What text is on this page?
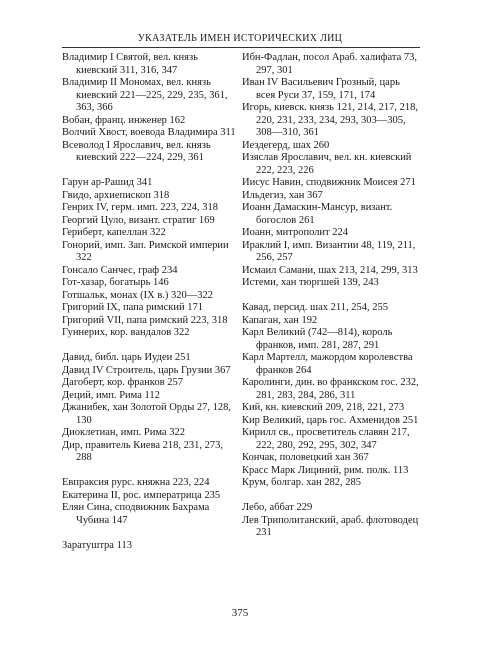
УКАЗАТЕЛЬ ИМЕН ИСТОРИЧЕСКИХ ЛИЦ
Владимир I Святой, вел. князь киевский 311, 316, 347
Владимир II Мономах, вел. князь киевский 221—225, 229, 235, 361, 363, 366
Вобан, франц. инженер 162
Волчий Хвост, воевода Владимира 311
Всеволод I Ярославич, вел. князь киевский 222—224, 229, 361
Гарун ар-Рашид 341
Гвидо, архиепископ 318
Генрих IV, герм. имп. 223, 224, 318
Георгий Цуло, визант. стратиг 169
Гериберт, капеллан 322
Гонорий, имп. Зап. Римской империи 322
Гонсало Санчес, граф 234
Гот-хазар, богатырь 146
Готшальк, монах (IX в.) 320—322
Григорий IX, папа римский 171
Григорий VII, папа римский 223, 318
Гуннерих, кор. вандалов 322
Давид, библ. царь Иудеи 251
Давид IV Строитель, царь Грузии 367
Дагоберт, кор. франков 257
Деций, имп. Рима 112
Джанибек, хан Золотой Орды 27, 128, 130
Диоклетиан, имп. Рима 322
Дир, правитель Киева 218, 231, 273, 288
Евпраксия рурс. княжна 223, 224
Екатерина II, рос. императрица 235
Елян Сина, сподвижник Бахрама Чубина 147
Заратуштра 113
Ибн-Фадлан, посол Араб. халифата 73, 297, 301
Иван IV Васильевич Грозный, царь всея Руси 37, 159, 171, 174
Игорь, киевск. князь 121, 214, 217, 218, 220, 231, 233, 234, 293, 303—305, 308—310, 361
Иездегерд, шах 260
Изяслав Ярославич, вел. кн. киевский 222, 223, 226
Иисус Навин, сподвижник Моисея 271
Ильдегиз, хан 367
Иоанн Дамаскин-Мансур, визант. богослов 261
Иоанн, митрополит 224
Ираклий I, имп. Византии 48, 119, 211, 256, 257
Исмаил Самани, шах 213, 214, 299, 313
Истеми, хан тюргшей 139, 243
Кавад, персид. шах 211, 254, 255
Капаган, хан 192
Карл Великий (742—814), король франков, имп. 281, 287, 291
Карл Мартелл, мажордом королевства франков 264
Каролинги, дин. во франкском гос. 232, 281, 283, 284, 286, 311
Кий, кн. киевский 209, 218, 221, 273
Кир Великий, царь гос. Ахменидов 251
Кирилл св., просветитель славян 217, 222, 280, 292, 295, 302, 347
Кончак, половецкий хан 367
Красс Марк Лициний, рим. полк. 113
Крум, болгар. хан 282, 285
Лебо, аббат 229
Лев Триполитанский, араб. флотоводец 231
375
